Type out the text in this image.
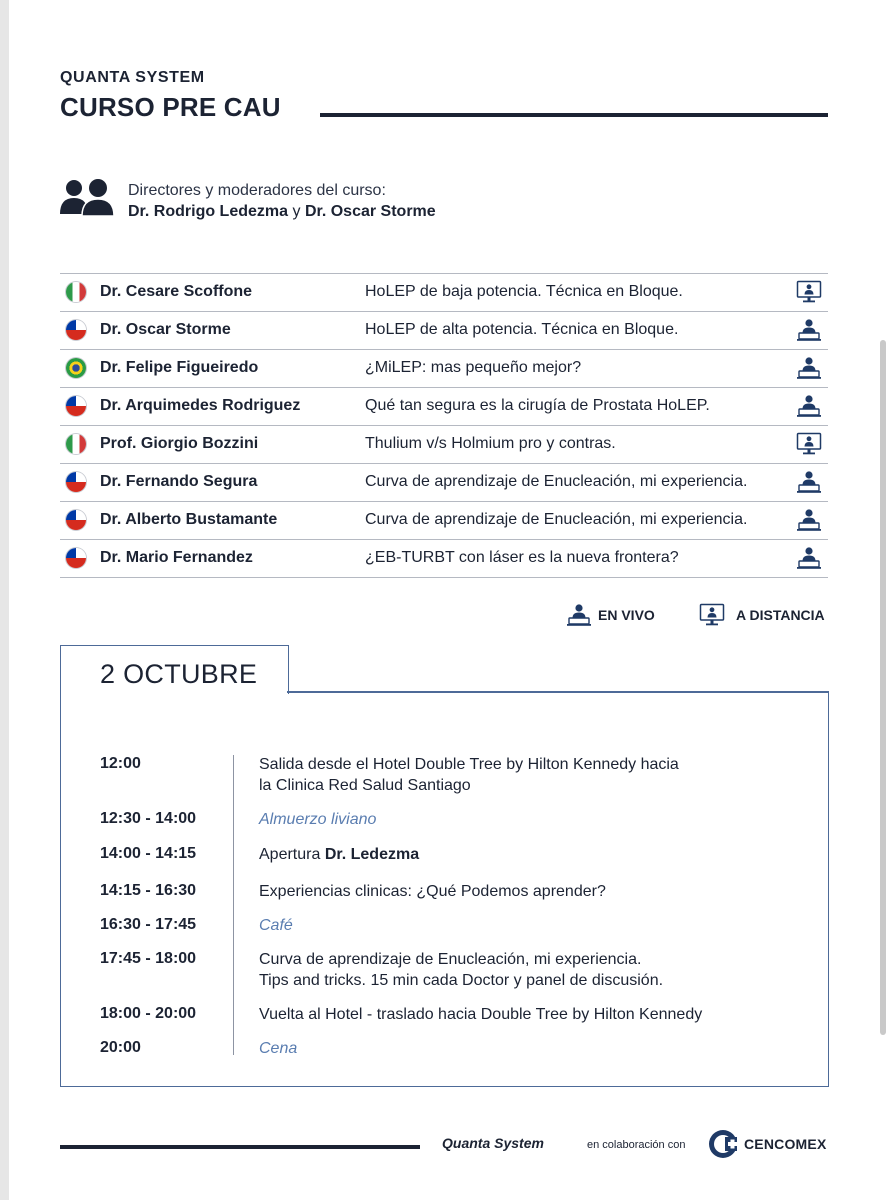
QUANTA SYSTEM
CURSO PRE CAU
Directores y moderadores del curso:
Dr. Rodrigo Ledezma y Dr. Oscar Storme
Dr. Cesare Scoffone	HoLEP de baja potencia. Técnica en Bloque.
Dr. Oscar Storme	HoLEP de alta potencia. Técnica en Bloque.
Dr. Felipe Figueiredo	¿MiLEP: mas pequeño mejor?
Dr. Arquimedes Rodriguez	Qué tan segura es la cirugía de Prostata HoLEP.
Prof. Giorgio Bozzini	Thulium v/s Holmium pro y contras.
Dr. Fernando Segura	Curva de aprendizaje de Enucleación, mi experiencia.
Dr. Alberto Bustamante	Curva de aprendizaje de Enucleación, mi experiencia.
Dr. Mario Fernandez	¿EB-TURBT con láser es la nueva frontera?
EN VIVO	A DISTANCIA
2 OCTUBRE
12:00	Salida desde el Hotel Double Tree by Hilton Kennedy hacia
la Clinica Red Salud Santiago
12:30 - 14:00	Almuerzo liviano
14:00 - 14:15	Apertura Dr. Ledezma
14:15 - 16:30	Experiencias clinicas: ¿Qué Podemos aprender?
16:30 - 17:45	Café
17:45 - 18:00	Curva de aprendizaje de Enucleación, mi experiencia.
Tips and tricks. 15 min cada Doctor y panel de discusión.
18:00 - 20:00	Vuelta al Hotel - traslado hacia Double Tree by Hilton Kennedy
20:00	Cena
Quanta System	en colaboración con	CENCOMEX
